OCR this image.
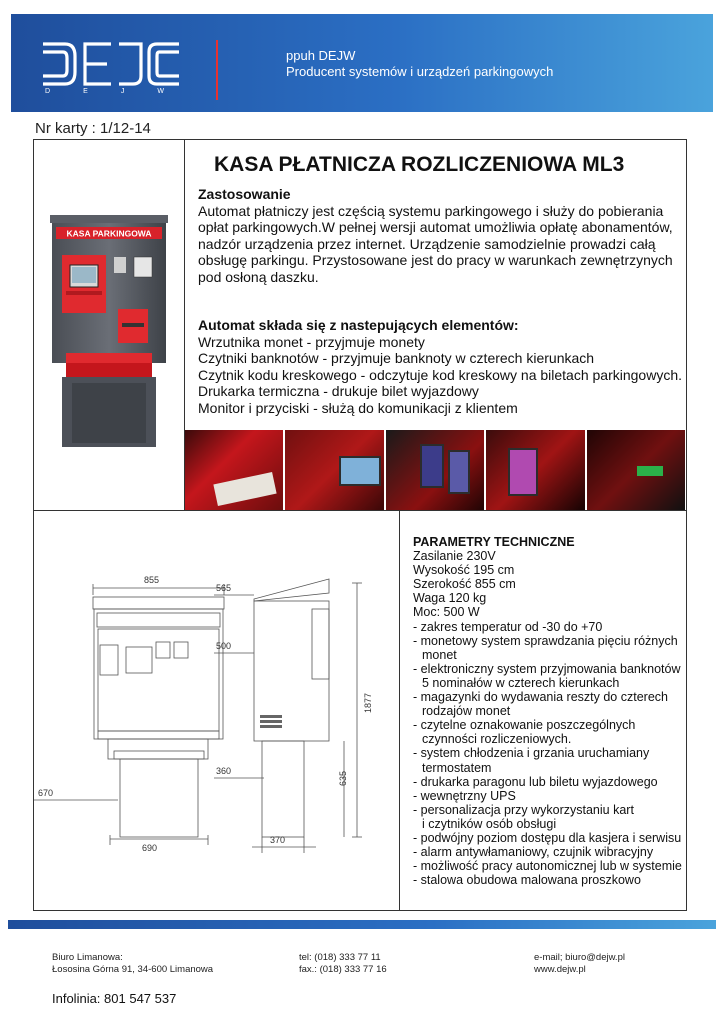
D	E	J	W
ppuh DEJW
Producent systemów i urządzeń parkingowych
Nr karty : 1/12-14
KASA PARKINGOWA
KASA PŁATNICZA ROZLICZENIOWA ML3
Zastosowanie

Automat płatniczy jest częścią systemu parkingowego i służy do pobierania opłat parkingowych.W pełnej wersji automat umożliwia opłatę abonamentów, nadzór urządzenia przez internet. Urządzenie samodzielnie prowadzi całą obsługę parkingu. Przystosowane jest do pracy w warunkach zewnętrzynych pod osłoną daszku.

Automat składa się z nastepujących elementów:

Wrzutnika monet - przyjmuje monety

Czytniki banknotów - przyjmuje banknoty w czterech kierunkach

Czytnik kodu kreskowego - odczytuje kod kreskowy na biletach parkingowych.

Drukarka termiczna - drukuje bilet wyjazdowy

Monitor i przyciski - służą do komunikacji z klientem

855
690
670
565
500
360
370
1877
635
PARAMETRY TECHNICZNE
Zasilanie 230V
Wysokość 195 cm
Szerokość 855 cm
Waga 120 kg
Moc: 500 W
- zakres temperatur od -30 do +70
- monetowy system sprawdzania pięciu różnych
monet
- elektroniczny system przyjmowania banknotów
5 nominałów w czterech kierunkach
- magazynki do wydawania reszty do czterech
rodzajów monet
- czytelne oznakowanie poszczególnych
czynności rozliczeniowych.
- system chłodzenia i grzania uruchamiany
termostatem
- drukarka paragonu lub biletu wyjazdowego
- wewnętrzny UPS
- personalizacja przy wykorzystaniu kart
i czytników osób obsługi
- podwójny poziom dostępu dla kasjera i serwisu
- alarm antywłamaniowy, czujnik wibracyjny
- możliwość pracy autonomicznej lub w systemie
- stalowa obudowa malowana proszkowo
Biuro Limanowa:
Łososina Górna 91, 34-600 Limanowa
tel: (018) 333 77 11
fax.: (018) 333 77 16
e-mail; biuro@dejw.pl
www.dejw.pl
Infolinia: 801 547 537
